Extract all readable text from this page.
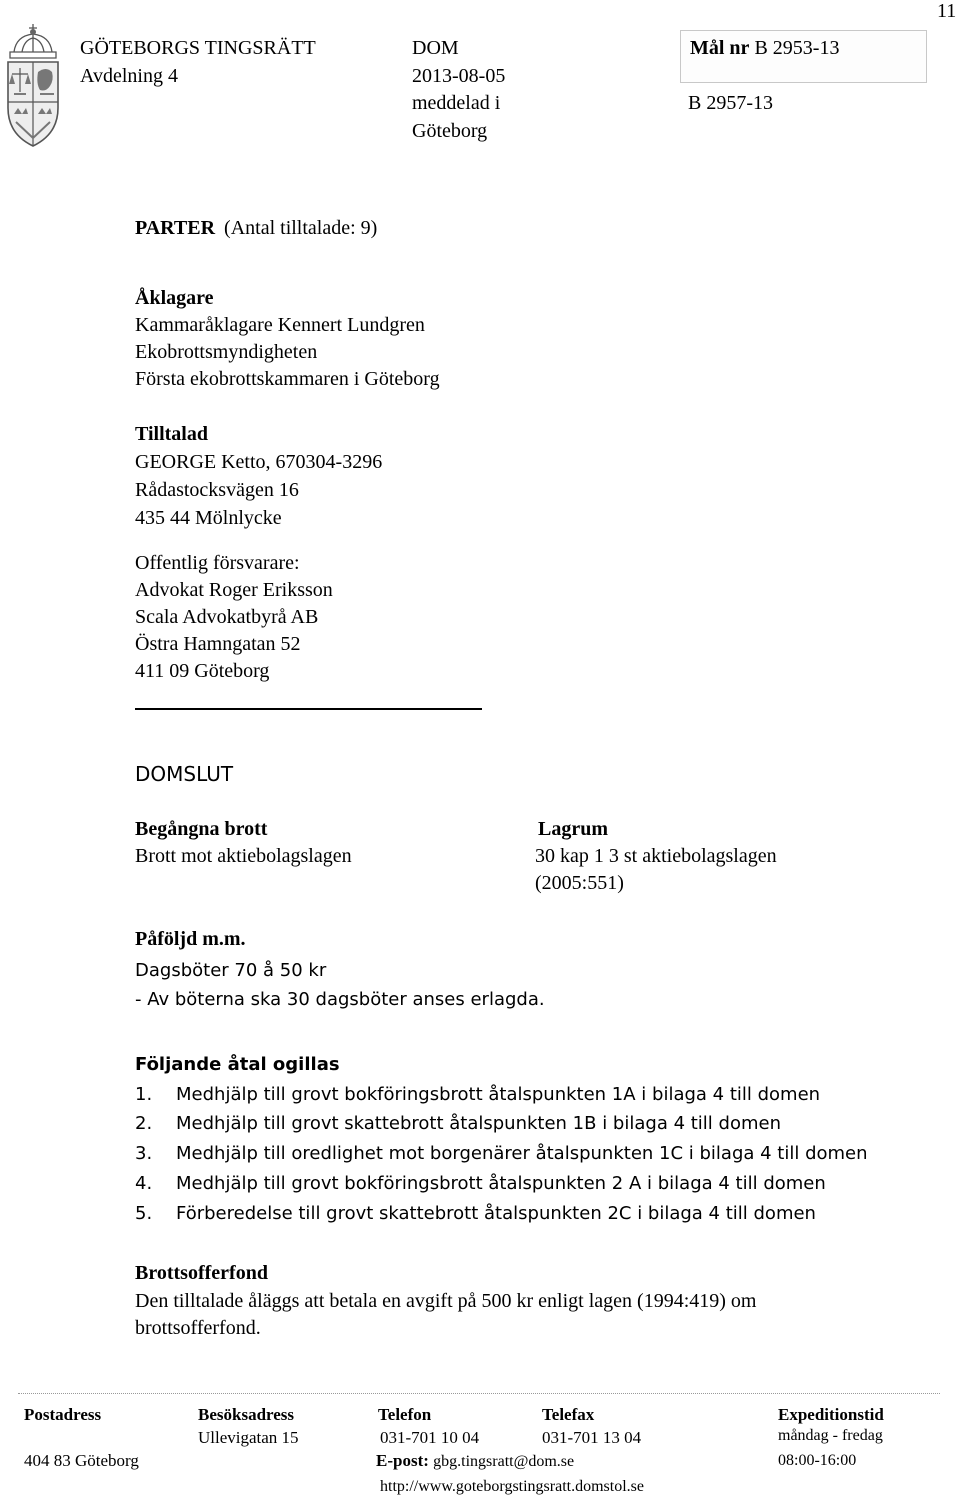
11
GÖTEBORGS TINGSRÄTT
Avdelning 4
DOM
2013-08-05
meddelad i
Göteborg
Mål nr B 2953-13
B 2957-13
PARTER (Antal tilltalade: 9)
Åklagare
Kammaråklagare Kennert Lundgren
Ekobrottsmyndigheten
Första ekobrottskammaren i Göteborg
Tilltalad
GEORGE Ketto, 670304-3296
Rådastocksvägen 16
435 44 Mölnlycke
Offentlig försvarare:
Advokat Roger Eriksson
Scala Advokatbyrå AB
Östra Hamngatan 52
411 09 Göteborg
DOMSLUT
Begångna brott
Brott mot aktiebolagslagen
Lagrum
30 kap 1 3 st aktiebolagslagen
(2005:551)
Påföljd m.m.
Dagsböter 70 å 50 kr
- Av böterna ska 30 dagsböter anses erlagda.
Följande åtal ogillas
1. Medhjälp till grovt bokföringsbrott åtalspunkten 1A i bilaga 4 till domen
2. Medhjälp till grovt skattebrott åtalspunkten 1B i bilaga 4 till domen
3. Medhjälp till oredlighet mot borgenärer åtalspunkten 1C i bilaga 4 till domen
4. Medhjälp till grovt bokföringsbrott åtalspunkten 2 A i bilaga 4 till domen
5. Förberedelse till grovt skattebrott åtalspunkten 2C i bilaga 4 till domen
Brottsofferfond
Den tilltalade åläggs att betala en avgift på 500 kr enligt lagen (1994:419) om
brottsofferfond.
Postadress
404 83 Göteborg
Besöksadress
Ullevigatan 15
Telefon
031-701 10 04
E-post: gbg.tingsratt@dom.se
http://www.goteborgstingsratt.domstol.se
Telefax
031-701 13 04
Expeditionstid
måndag - fredag
08:00-16:00
